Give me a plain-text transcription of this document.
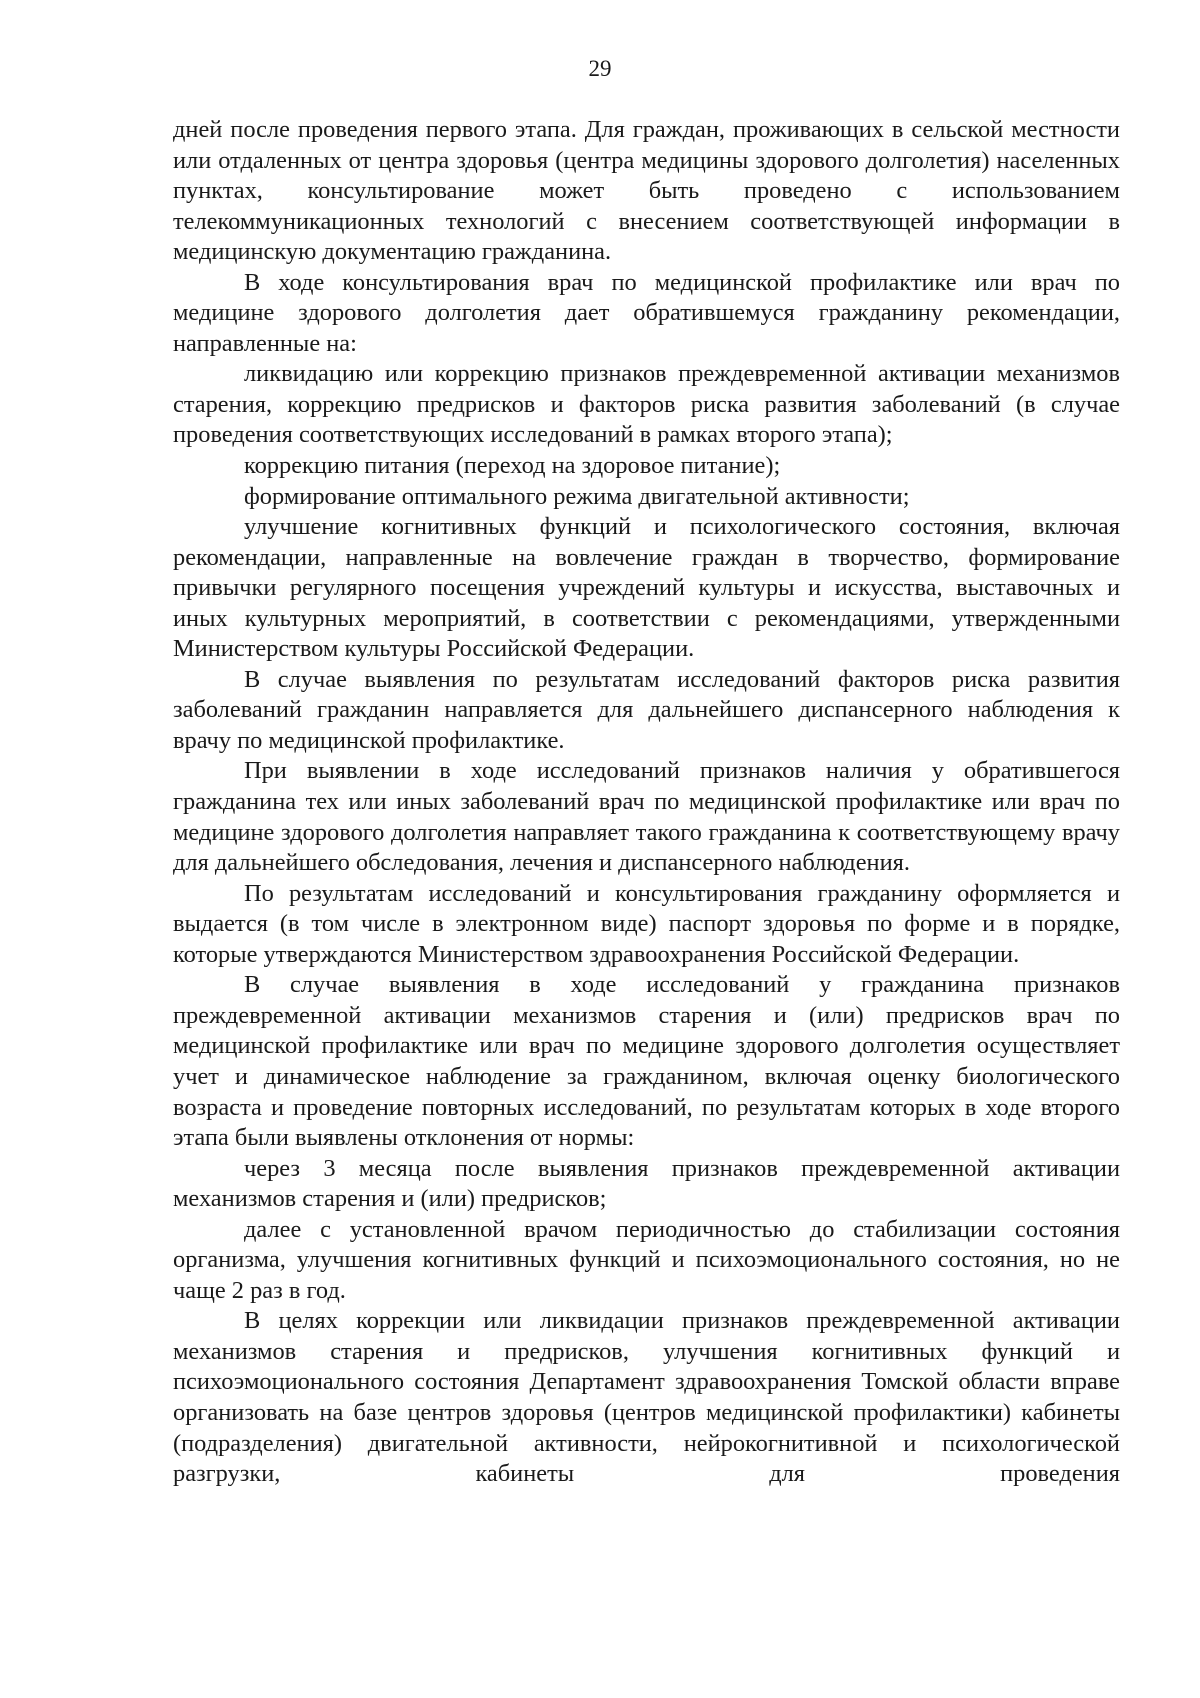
29

дней после проведения первого этапа. Для граждан, проживающих в сельской местности или отдаленных от центра здоровья (центра медицины здорового долголетия) населенных пунктах, консультирование может быть проведено с использованием телекоммуникационных технологий с внесением соответствующей информации в медицинскую документацию гражданина.

В ходе консультирования врач по медицинской профилактике или врач по медицине здорового долголетия дает обратившемуся гражданину рекомендации, направленные на:

ликвидацию или коррекцию признаков преждевременной активации механизмов старения, коррекцию предрисков и факторов риска развития заболеваний (в случае проведения соответствующих исследований в рамках второго этапа);

коррекцию питания (переход на здоровое питание);

формирование оптимального режима двигательной активности;

улучшение когнитивных функций и психологического состояния, включая рекомендации, направленные на вовлечение граждан в творчество, формирование привычки регулярного посещения учреждений культуры и искусства, выставочных и иных культурных мероприятий, в соответствии с рекомендациями, утвержденными Министерством культуры Российской Федерации.

В случае выявления по результатам исследований факторов риска развития заболеваний гражданин направляется для дальнейшего диспансерного наблюдения к врачу по медицинской профилактике.

При выявлении в ходе исследований признаков наличия у обратившегося гражданина тех или иных заболеваний врач по медицинской профилактике или врач по медицине здорового долголетия направляет такого гражданина к соответствующему врачу для дальнейшего обследования, лечения и диспансерного наблюдения.

По результатам исследований и консультирования гражданину оформляется и выдается (в том числе в электронном виде) паспорт здоровья по форме и в порядке, которые утверждаются Министерством здравоохранения Российской Федерации.

В случае выявления в ходе исследований у гражданина признаков преждевременной активации механизмов старения и (или) предрисков врач по медицинской профилактике или врач по медицине здорового долголетия осуществляет учет и динамическое наблюдение за гражданином, включая оценку биологического возраста и проведение повторных исследований, по результатам которых в ходе второго этапа были выявлены отклонения от нормы:

через 3 месяца после выявления признаков преждевременной активации механизмов старения и (или) предрисков;

далее с установленной врачом периодичностью до стабилизации состояния организма, улучшения когнитивных функций и психоэмоционального состояния, но не чаще 2 раз в год.

В целях коррекции или ликвидации признаков преждевременной активации механизмов старения и предрисков, улучшения когнитивных функций и психоэмоционального состояния Департамент здравоохранения Томской области вправе организовать на базе центров здоровья (центров медицинской профилактики) кабинеты (подразделения) двигательной активности, нейрокогнитивной и психологической разгрузки, кабинеты для проведения
